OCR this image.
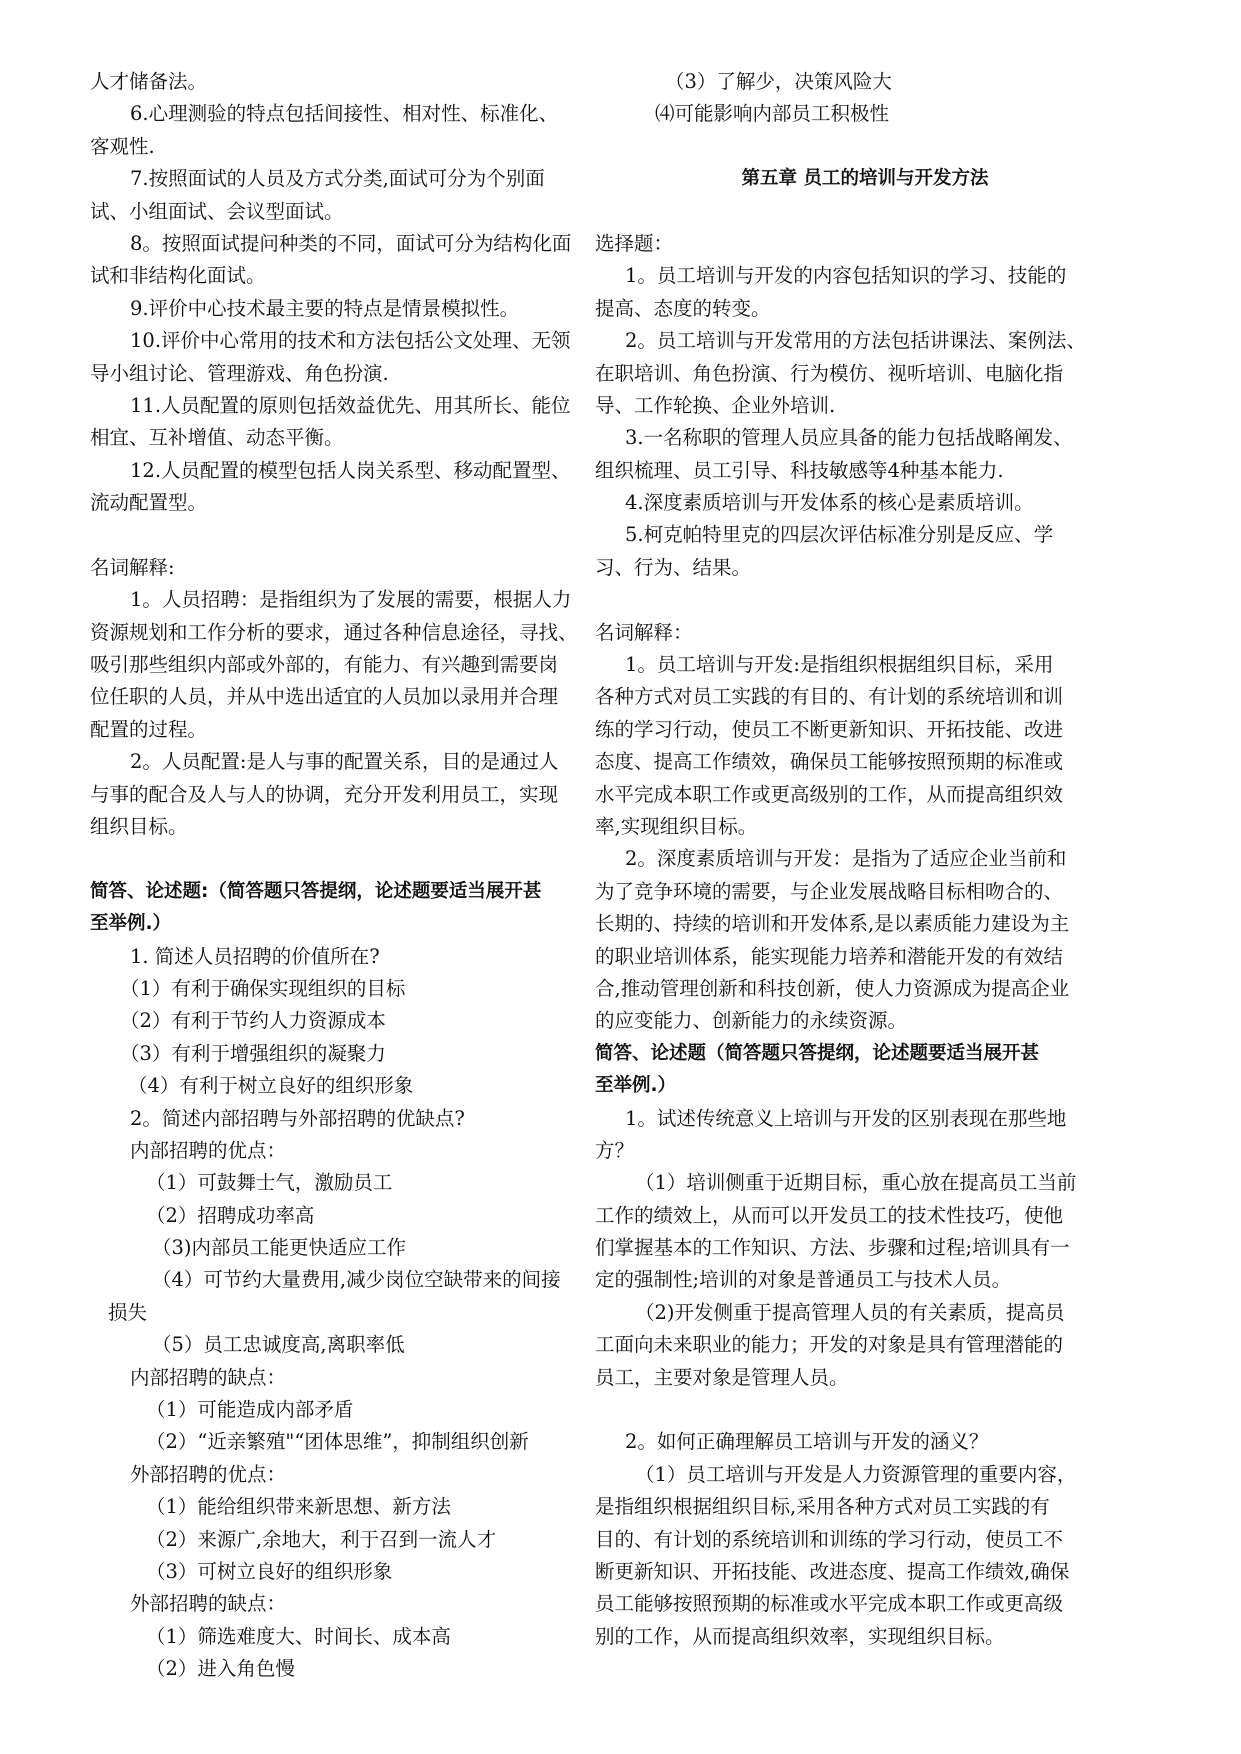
人才储备法。
6.心理测验的特点包括间接性、相对性、标准化、
客观性.
7.按照面试的人员及方式分类,面试可分为个别面
试、小组面试、会议型面试。
8。按照面试提问种类的不同，面试可分为结构化面
试和非结构化面试。
9.评价中心技术最主要的特点是情景模拟性。
10.评价中心常用的技术和方法包括公文处理、无领
导小组讨论、管理游戏、角色扮演.
11.人员配置的原则包括效益优先、用其所长、能位
相宜、互补增值、动态平衡。
12.人员配置的模型包括人岗关系型、移动配置型、
流动配置型。
名词解释:
1。人员招聘：是指组织为了发展的需要，根据人力
资源规划和工作分析的要求，通过各种信息途径，寻找、
吸引那些组织内部或外部的，有能力、有兴趣到需要岗
位任职的人员，并从中选出适宜的人员加以录用并合理
配置的过程。
2。人员配置:是人与事的配置关系，目的是通过人
与事的配合及人与人的协调，充分开发利用员工，实现
组织目标。
简答、论述题:（简答题只答提纲，论述题要适当展开甚
至举例.）
1. 简述人员招聘的价值所在?
（1）有利于确保实现组织的目标
（2）有利于节约人力资源成本
（3）有利于增强组织的凝聚力
（4）有利于树立良好的组织形象
2。简述内部招聘与外部招聘的优缺点?
内部招聘的优点：
（1）可鼓舞士气，激励员工
（2）招聘成功率高
（3)内部员工能更快适应工作
（4）可节约大量费用,减少岗位空缺带来的间接
损失
（5）员工忠诚度高,离职率低
内部招聘的缺点：
（1）可能造成内部矛盾
（2）“近亲繁殖"“团体思维”，抑制组织创新
外部招聘的优点：
（1）能给组织带来新思想、新方法
（2）来源广,余地大，利于召到一流人才
（3）可树立良好的组织形象
外部招聘的缺点：
（1）筛选难度大、时间长、成本高
（2）进入角色慢
（3）了解少，决策风险大
⑷可能影响内部员工积极性
第五章 员工的培训与开发方法
选择题：
1。员工培训与开发的内容包括知识的学习、技能的
提高、态度的转变。
2。员工培训与开发常用的方法包括讲课法、案例法、
在职培训、角色扮演、行为模仿、视听培训、电脑化指
导、工作轮换、企业外培训.
3.一名称职的管理人员应具备的能力包括战略阐发、
组织梳理、员工引导、科技敏感等4种基本能力.
4.深度素质培训与开发体系的核心是素质培训。
5.柯克帕特里克的四层次评估标准分别是反应、学
习、行为、结果。
名词解释：
1。员工培训与开发:是指组织根据组织目标，采用
各种方式对员工实践的有目的、有计划的系统培训和训
练的学习行动，使员工不断更新知识、开拓技能、改进
态度、提高工作绩效，确保员工能够按照预期的标准或
水平完成本职工作或更高级别的工作，从而提高组织效
率,实现组织目标。
2。深度素质培训与开发：是指为了适应企业当前和
为了竞争环境的需要，与企业发展战略目标相吻合的、
长期的、持续的培训和开发体系,是以素质能力建设为主
的职业培训体系，能实现能力培养和潜能开发的有效结
合,推动管理创新和科技创新，使人力资源成为提高企业
的应变能力、创新能力的永续资源。
简答、论述题（简答题只答提纲，论述题要适当展开甚
至举例.）
1。试述传统意义上培训与开发的区别表现在那些地
方？
（1）培训侧重于近期目标，重心放在提高员工当前
工作的绩效上，从而可以开发员工的技术性技巧，使他
们掌握基本的工作知识、方法、步骤和过程;培训具有一
定的强制性;培训的对象是普通员工与技术人员。
（2)开发侧重于提高管理人员的有关素质，提高员
工面向未来职业的能力；开发的对象是具有管理潜能的
员工，主要对象是管理人员。
2。如何正确理解员工培训与开发的涵义？
（1）员工培训与开发是人力资源管理的重要内容，
是指组织根据组织目标,采用各种方式对员工实践的有
目的、有计划的系统培训和训练的学习行动，使员工不
断更新知识、开拓技能、改进态度、提高工作绩效,确保
员工能够按照预期的标准或水平完成本职工作或更高级
别的工作，从而提高组织效率，实现组织目标。
